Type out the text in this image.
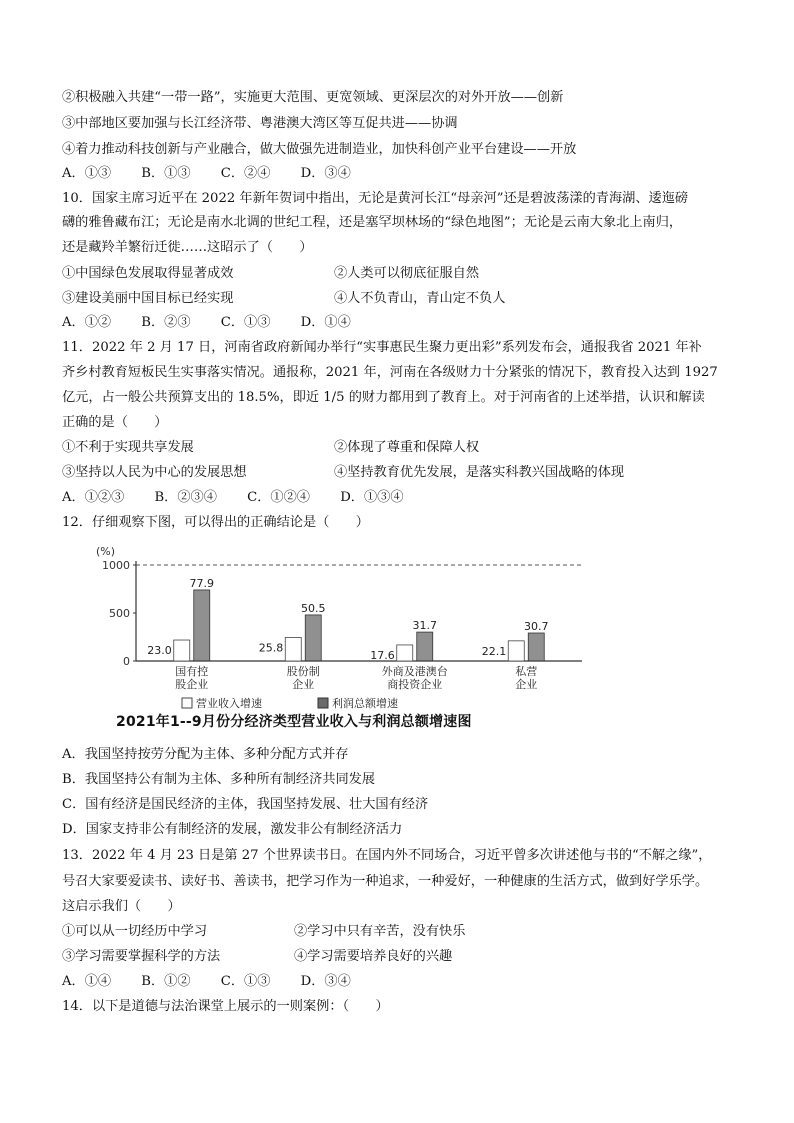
②积极融入共建“一带一路”，实施更大范围、更宽领域、更深层次的对外开放——创新
③中部地区要加强与长江经济带、粤港澳大湾区等互促共进——协调
④着力推动科技创新与产业融合，做大做强先进制造业，加快科创产业平台建设——开放
A．①③ B．①③ C．②④ D．③④
10．国家主席习近平在 2022 年新年贺词中指出，无论是黄河长江“母亲河”还是碧波荡漾的青海湖、逶迤磅
礴的雅鲁藏布江；无论是南水北调的世纪工程，还是塞罕坝林场的“绿色地图”；无论是云南大象北上南归，
还是藏羚羊繁衍迁徙……这昭示了（　　）
①中国绿色发展取得显著成效	②人类可以彻底征服自然
③建设美丽中国目标已经实现	④人不负青山，青山定不负人
A．①② B．②③ C．①③ D．①④
11．2022 年 2 月 17 日，河南省政府新闻办举行“实事惠民生聚力更出彩”系列发布会，通报我省 2021 年补
齐乡村教育短板民生实事落实情况。通报称，2021 年，河南在各级财力十分紧张的情况下，教育投入达到 1927
亿元，占一般公共预算支出的 18.5%，即近 1/5 的财力都用到了教育上。对于河南省的上述举措，认识和解读
正确的是（　　）
①不利于实现共享发展	②体现了尊重和保障人权
③坚持以人民为中心的发展思想	④坚持教育优先发展，是落实科教兴国战略的体现
A．①②③ B．②③④ C．①②④ D．①③④
12．仔细观察下图，可以得出的正确结论是（　　）
(%)
1000
500
0
23.0
77.9
国有控
股企业
25.8
50.5
股份制
企业
17.6
31.7
外商及港澳台
商投资企业
22.1
30.7
私营
企业
营业收入增速	利润总额增速
2021年1--9月份分经济类型营业收入与利润总额增速图
A．我国坚持按劳分配为主体、多种分配方式并存
B．我国坚持公有制为主体、多种所有制经济共同发展
C．国有经济是国民经济的主体，我国坚持发展、壮大国有经济
D．国家支持非公有制经济的发展，激发非公有制经济活力
13．2022 年 4 月 23 日是第 27 个世界读书日。在国内外不同场合，习近平曾多次讲述他与书的“不解之缘”，
号召大家要爱读书、读好书、善读书，把学习作为一种追求，一种爱好，一种健康的生活方式，做到好学乐学。
这启示我们（　　）
①可以从一切经历中学习	②学习中只有辛苦，没有快乐
③学习需要掌握科学的方法	④学习需要培养良好的兴趣
A．①④ B．①② C．①③ D．③④
14．以下是道德与法治课堂上展示的一则案例：（　　）
